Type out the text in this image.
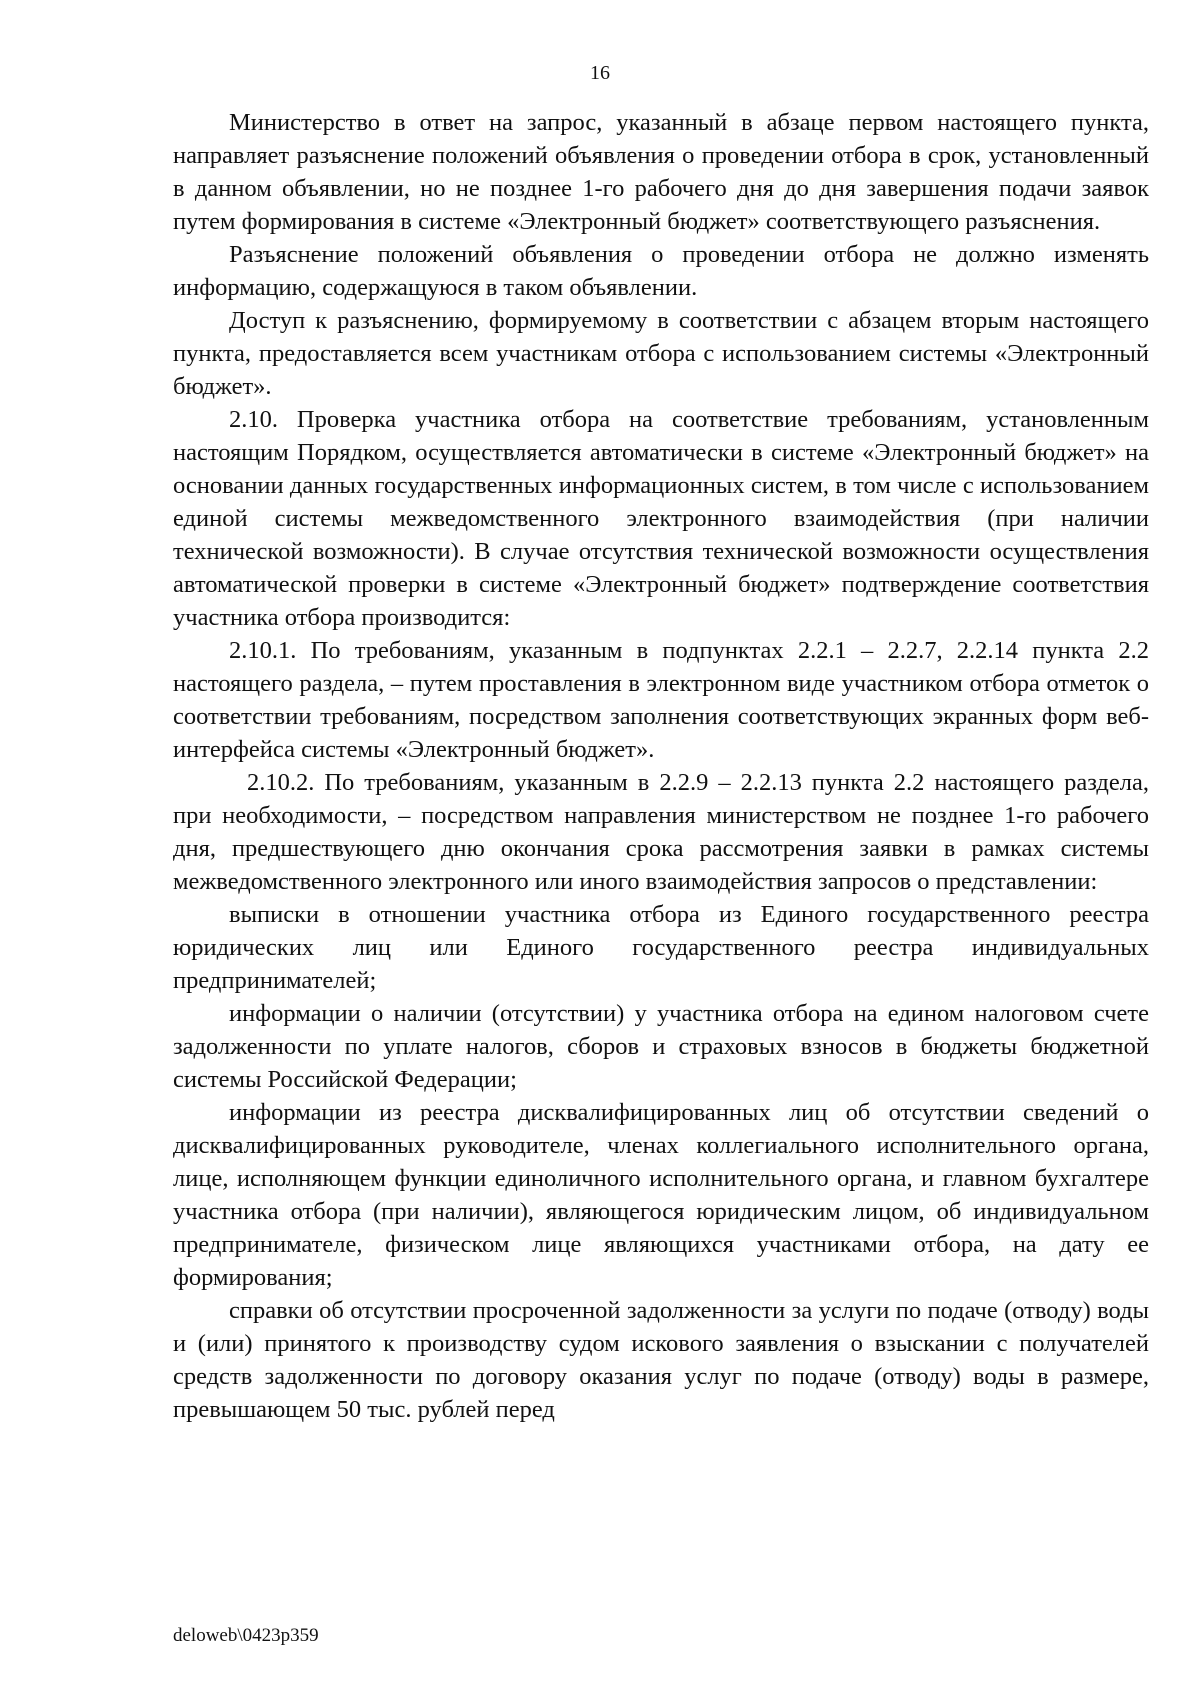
16

Министерство в ответ на запрос, указанный в абзаце первом настоящего пункта, направляет разъяснение положений объявления о проведении отбора в срок, установленный в данном объявлении, но не позднее 1-го рабочего дня до дня завершения подачи заявок путем формирования в системе «Электронный бюджет» соответствующего разъяснения.

Разъяснение положений объявления о проведении отбора не должно изменять информацию, содержащуюся в таком объявлении.

Доступ к разъяснению, формируемому в соответствии с абзацем вторым настоящего пункта, предоставляется всем участникам отбора с использованием системы «Электронный бюджет».

2.10. Проверка участника отбора на соответствие требованиям, установленным настоящим Порядком, осуществляется автоматически в системе «Электронный бюджет» на основании данных государственных информационных систем, в том числе с использованием единой системы межведомственного электронного взаимодействия (при наличии технической возможности). В случае отсутствия технической возможности осуществления автоматической проверки в системе «Электронный бюджет» подтверждение соответствия участника отбора производится:

2.10.1. По требованиям, указанным в подпунктах 2.2.1 – 2.2.7, 2.2.14 пункта 2.2 настоящего раздела, – путем проставления в электронном виде участником отбора отметок о соответствии требованиям, посредством заполнения соответствующих экранных форм веб-интерфейса системы «Электронный бюджет».

2.10.2. По требованиям, указанным в 2.2.9 – 2.2.13 пункта 2.2 настоящего раздела, при необходимости, – посредством направления министерством не позднее 1-го рабочего дня, предшествующего дню окончания срока рассмотрения заявки в рамках системы межведомственного электронного или иного взаимодействия запросов о представлении:

выписки в отношении участника отбора из Единого государственного реестра юридических лиц или Единого государственного реестра индивидуальных предпринимателей;

информации о наличии (отсутствии) у участника отбора на едином налоговом счете задолженности по уплате налогов, сборов и страховых взносов в бюджеты бюджетной системы Российской Федерации;

информации из реестра дисквалифицированных лиц об отсутствии сведений о дисквалифицированных руководителе, членах коллегиального исполнительного органа, лице, исполняющем функции единоличного исполнительного органа, и главном бухгалтере участника отбора (при наличии), являющегося юридическим лицом, об индивидуальном предпринимателе, физическом лице являющихся участниками отбора, на дату ее формирования;

справки об отсутствии просроченной задолженности за услуги по подаче (отводу) воды и (или) принятого к производству судом искового заявления о взыскании с получателей средств задолженности по договору оказания услуг по подаче (отводу) воды в размере, превышающем 50 тыс. рублей перед

deloweb\0423p359
